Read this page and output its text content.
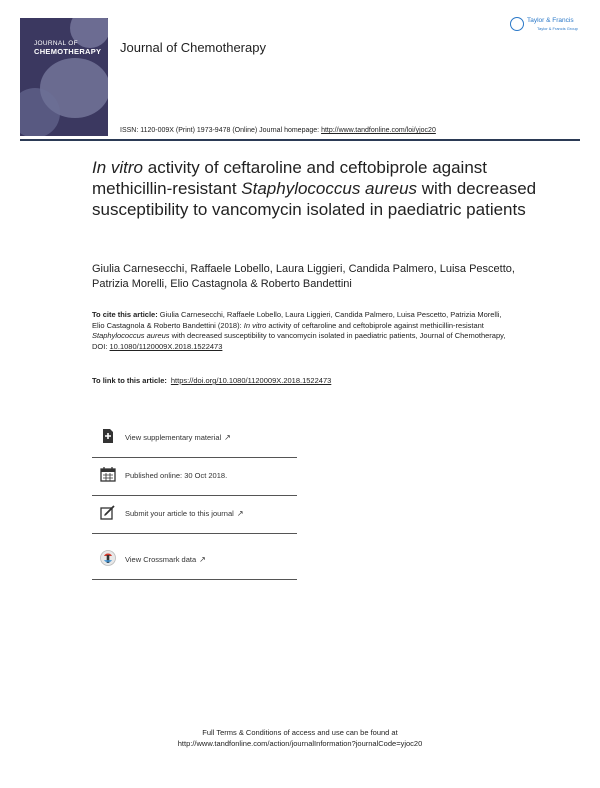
JOURNAL OF
CHEMOTHERAPY Journal of Chemotherapy
Taylor & Francis
Taylor & Francis Group
ISSN: 1120-009X (Print) 1973-9478 (Online) Journal homepage: http://www.tandfonline.com/loi/yjoc20
In vitro activity of ceftaroline and ceftobiprole against methicillin-resistant Staphylococcus aureus with decreased susceptibility to vancomycin isolated in paediatric patients
Giulia Carnesecchi, Raffaele Lobello, Laura Liggieri, Candida Palmero, Luisa Pescetto, Patrizia Morelli, Elio Castagnola & Roberto Bandettini
To cite this article: Giulia Carnesecchi, Raffaele Lobello, Laura Liggieri, Candida Palmero, Luisa Pescetto, Patrizia Morelli, Elio Castagnola & Roberto Bandettini (2018): In vitro activity of ceftaroline and ceftobiprole against methicillin-resistant Staphylococcus aureus with decreased susceptibility to vancomycin isolated in paediatric patients, Journal of Chemotherapy, DOI: 10.1080/1120009X.2018.1522473
To link to this article: https://doi.org/10.1080/1120009X.2018.1522473
View supplementary material ↗
Published online: 30 Oct 2018.
Submit your article to this journal ↗
View Crossmark data ↗
Full Terms & Conditions of access and use can be found at
http://www.tandfonline.com/action/journalInformation?journalCode=yjoc20
